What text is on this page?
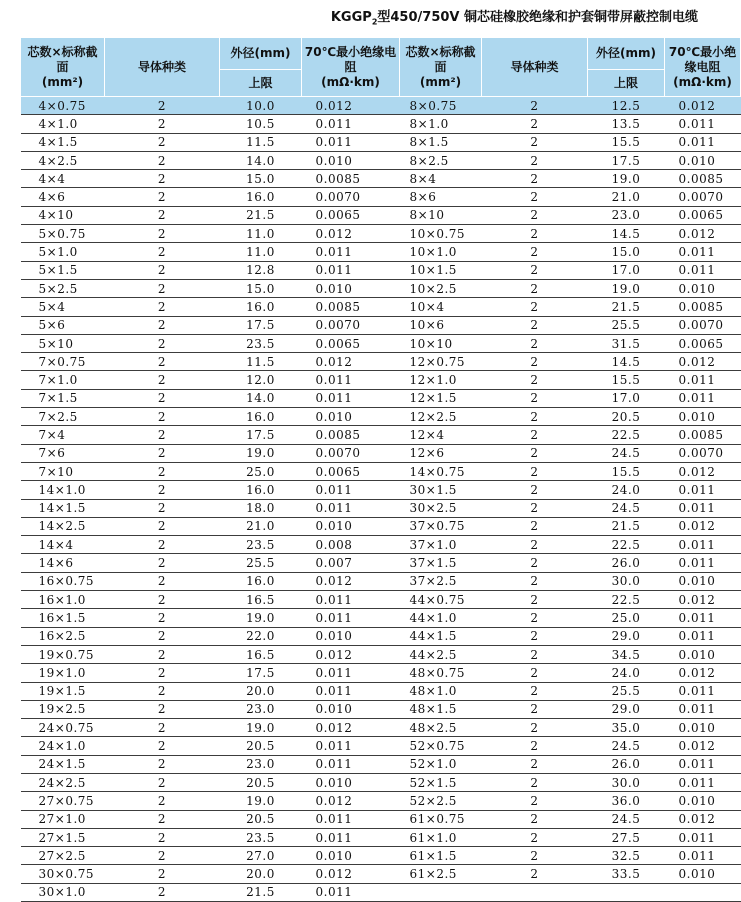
$KGGP_2$型450/750V 铜芯硅橡胶绝缘和护套铜带屏蔽控制电缆
芯数×标称截面
(mm²)	导体种类	外径(mm)	70℃最小绝缘电阻
(mΩ·km)	芯数×标称截面
(mm²)	导体种类	外径(mm)	70℃最小绝缘电阻
(mΩ·km)
		上限				上限	
4×0.75	2	10.0	0.012	8×0.75	2	12.5	0.012
4×1.0	2	10.5	0.011	8×1.0	2	13.5	0.011
4×1.5	2	11.5	0.011	8×1.5	2	15.5	0.011
4×2.5	2	14.0	0.010	8×2.5	2	17.5	0.010
4×4	2	15.0	0.0085	8×4	2	19.0	0.0085
4×6	2	16.0	0.0070	8×6	2	21.0	0.0070
4×10	2	21.5	0.0065	8×10	2	23.0	0.0065
5×0.75	2	11.0	0.012	10×0.75	2	14.5	0.012
5×1.0	2	11.0	0.011	10×1.0	2	15.0	0.011
5×1.5	2	12.8	0.011	10×1.5	2	17.0	0.011
5×2.5	2	15.0	0.010	10×2.5	2	19.0	0.010
5×4	2	16.0	0.0085	10×4	2	21.5	0.0085
5×6	2	17.5	0.0070	10×6	2	25.5	0.0070
5×10	2	23.5	0.0065	10×10	2	31.5	0.0065
7×0.75	2	11.5	0.012	12×0.75	2	14.5	0.012
7×1.0	2	12.0	0.011	12×1.0	2	15.5	0.011
7×1.5	2	14.0	0.011	12×1.5	2	17.0	0.011
7×2.5	2	16.0	0.010	12×2.5	2	20.5	0.010
7×4	2	17.5	0.0085	12×4	2	22.5	0.0085
7×6	2	19.0	0.0070	12×6	2	24.5	0.0070
7×10	2	25.0	0.0065	14×0.75	2	15.5	0.012
14×1.0	2	16.0	0.011	30×1.5	2	24.0	0.011
14×1.5	2	18.0	0.011	30×2.5	2	24.5	0.011
14×2.5	2	21.0	0.010	37×0.75	2	21.5	0.012
14×4	2	23.5	0.008	37×1.0	2	22.5	0.011
14×6	2	25.5	0.007	37×1.5	2	26.0	0.011
16×0.75	2	16.0	0.012	37×2.5	2	30.0	0.010
16×1.0	2	16.5	0.011	44×0.75	2	22.5	0.012
16×1.5	2	19.0	0.011	44×1.0	2	25.0	0.011
16×2.5	2	22.0	0.010	44×1.5	2	29.0	0.011
19×0.75	2	16.5	0.012	44×2.5	2	34.5	0.010
19×1.0	2	17.5	0.011	48×0.75	2	24.0	0.012
19×1.5	2	20.0	0.011	48×1.0	2	25.5	0.011
19×2.5	2	23.0	0.010	48×1.5	2	29.0	0.011
24×0.75	2	19.0	0.012	48×2.5	2	35.0	0.010
24×1.0	2	20.5	0.011	52×0.75	2	24.5	0.012
24×1.5	2	23.0	0.011	52×1.0	2	26.0	0.011
24×2.5	2	20.5	0.010	52×1.5	2	30.0	0.011
27×0.75	2	19.0	0.012	52×2.5	2	36.0	0.010
27×1.0	2	20.5	0.011	61×0.75	2	24.5	0.012
27×1.5	2	23.5	0.011	61×1.0	2	27.5	0.011
27×2.5	2	27.0	0.010	61×1.5	2	32.5	0.011
30×0.75	2	20.0	0.012	61×2.5	2	33.5	0.010
30×1.0	2	21.5	0.011				
